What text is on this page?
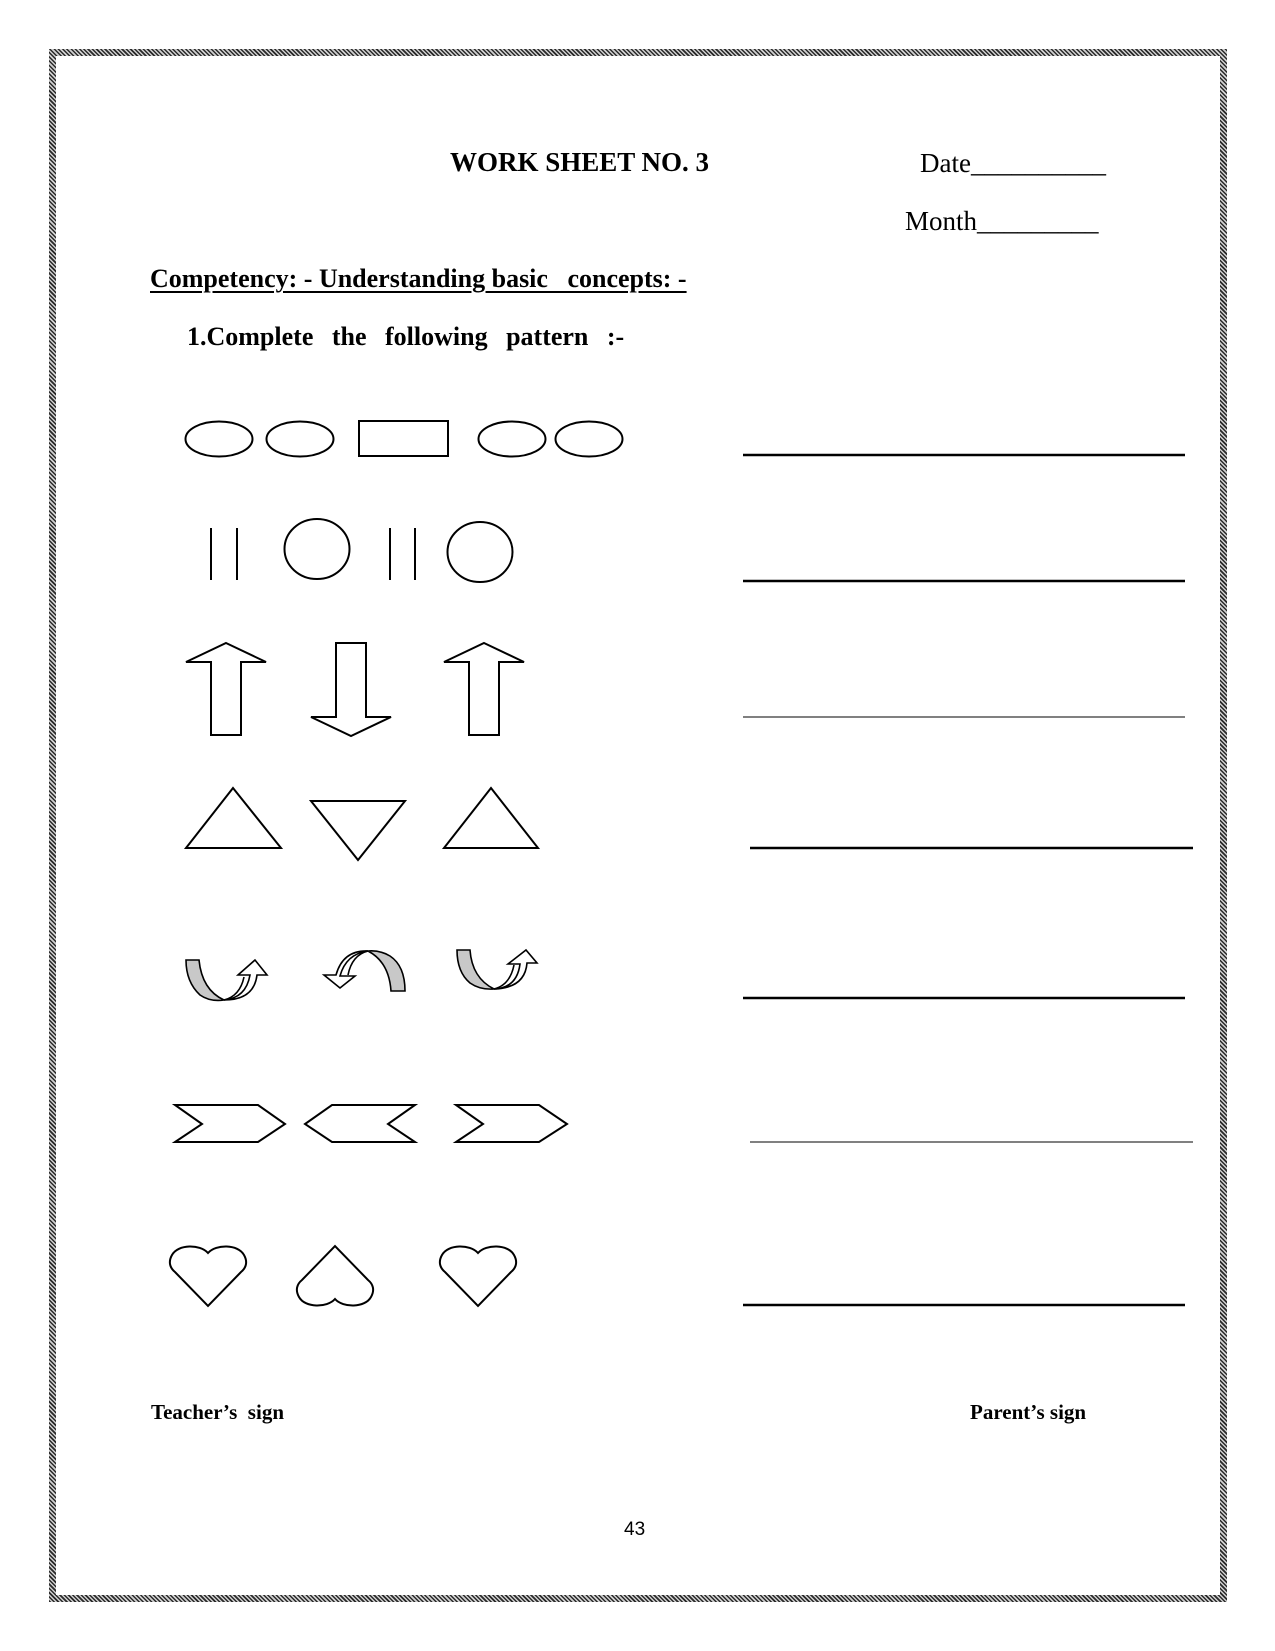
WORK SHEET NO. 3	Date__________
Month_________
Competency: - Understanding basic   concepts: -
1.Complete the following pattern :-
Teacher’s  sign	Parent’s sign
43
